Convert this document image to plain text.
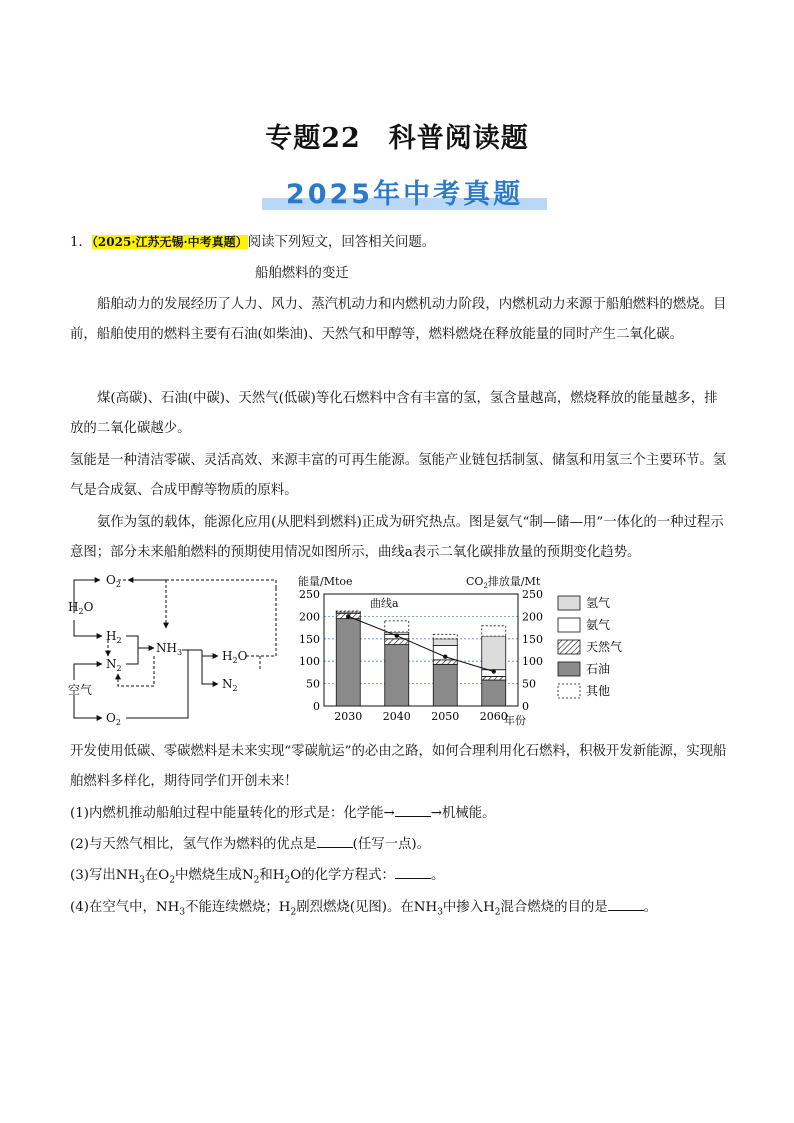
专题22　科普阅读题
2025年中考真题
1．（2025·江苏无锡·中考真题）阅读下列短文，回答相关问题。
船舶燃料的变迁
船舶动力的发展经历了人力、风力、蒸汽机动力和内燃机动力阶段，内燃机动力来源于船舶燃料的燃烧。目前，船舶使用的燃料主要有石油(如柴油)、天然气和甲醇等，燃料燃烧在释放能量的同时产生二氧化碳。
煤(高碳)、石油(中碳)、天然气(低碳)等化石燃料中含有丰富的氢，氢含量越高，燃烧释放的能量越多，排放的二氧化碳越少。
氢能是一种清洁零碳、灵活高效、来源丰富的可再生能源。氢能产业链包括制氢、储氢和用氢三个主要环节。氢气是合成氨、合成甲醇等物质的原料。
氨作为氢的载体，能源化应用(从肥料到燃料)正成为研究热点。图是氨气“制—储—用”一体化的一种过程示意图；部分未来船舶燃料的预期使用情况如图所示，曲线a表示二氧化碳排放量的预期变化趋势。
$O_2$
$H_2O$
$H_2$
$N_2$
$NH_3$
空气
$H_2O$
$N_2$
$O_2$
能量/Mtoe	$CO_2$排放量/Mt
年份
曲线a
0	0
50	50
100	100
150	150
200	200
250	250
2030 2040 2050 2060
氢气
氨气
天然气
石油
其他
开发使用低碳、零碳燃料是未来实现“零碳航运”的必由之路，如何合理利用化石燃料，积极开发新能源，实现船舶燃料多样化，期待同学们开创未来！
(1)内燃机推动船舶过程中能量转化的形式是：化学能→	→机械能。
(2)与天然气相比，氢气作为燃料的优点是	(任写一点)。
(3)写出$NH_3$在$O_2$中燃烧生成$N_2$和$H_2O$的化学方程式：	。
(4)在空气中，$NH_3$不能连续燃烧；$H_2$剧烈燃烧(见图)。在$NH_3$中掺入$H_2$混合燃烧的目的是	。
